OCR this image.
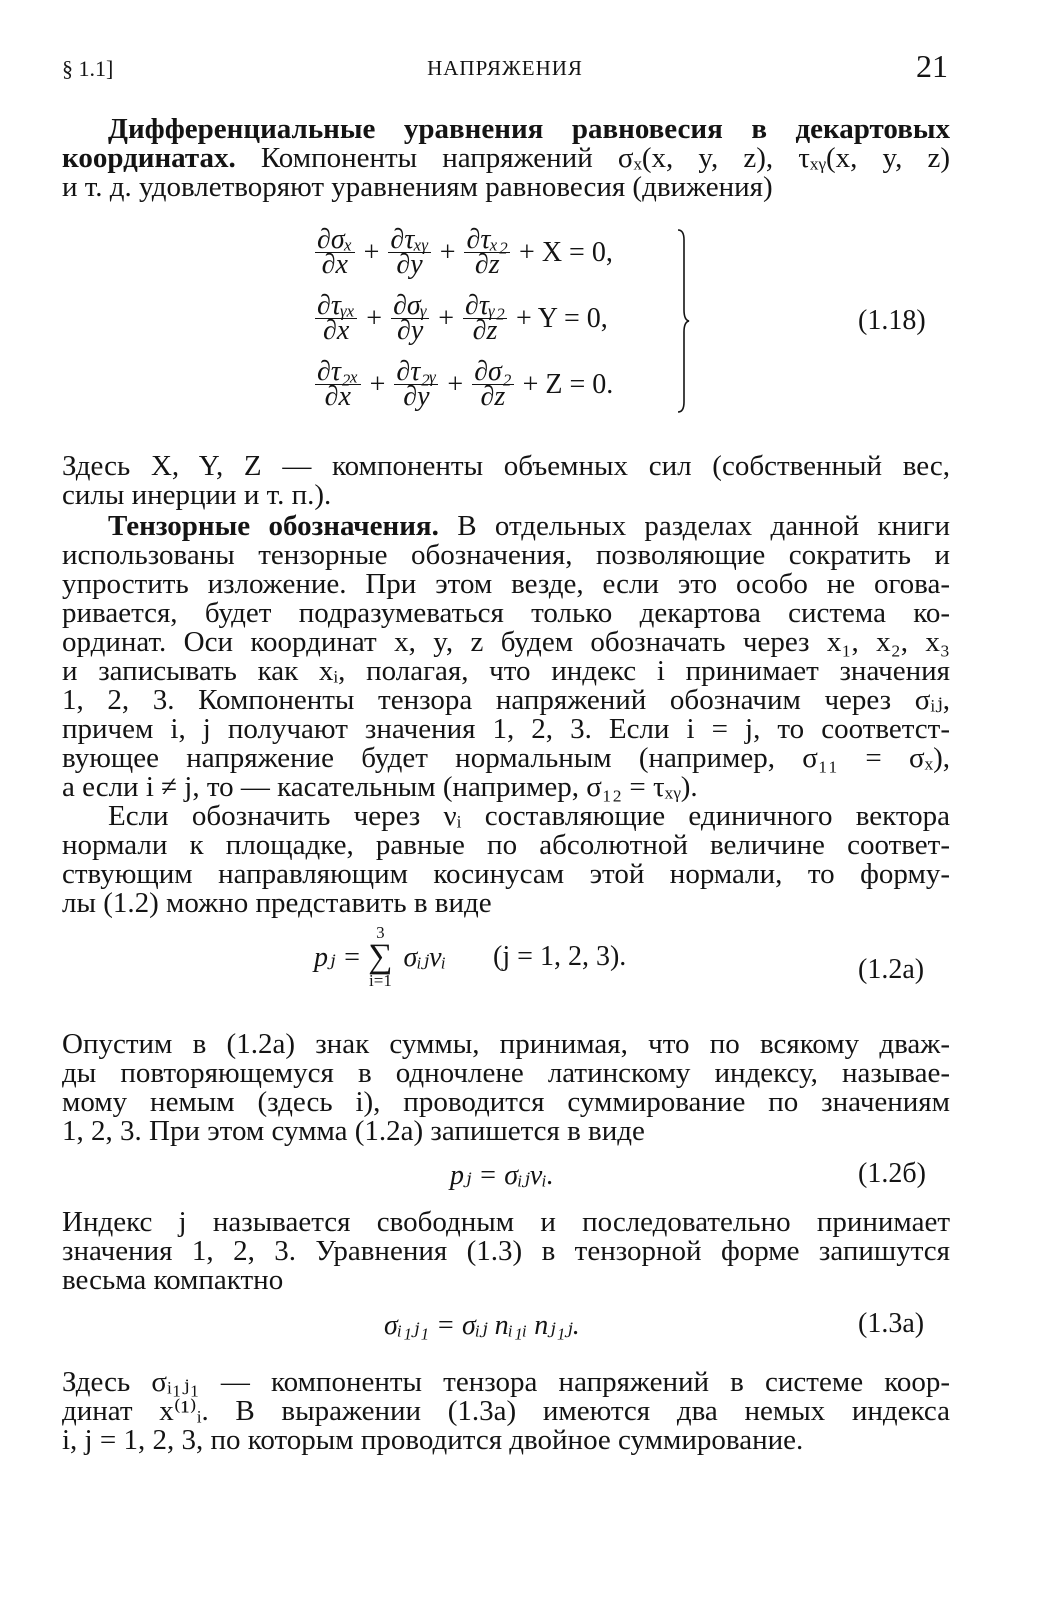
§ 1.1]	НАПРЯЖЕНИЯ	21
Дифференциальные уравнения равновесия в декартовых
координатах. Компоненты напряжений σₓ(x, y, z), τₓᵧ(x, y, z)
и т. д. удовлетворяют уравнениям равновесия (движения)
$\frac{\text{∂σₓ}}{\partial x} + \frac{\text{∂τₓᵧ}}{\partial y} + \frac{\text{∂τₓ₂}}{\partial z} + X = 0$,
$\frac{\text{∂τᵧₓ}}{\partial x} + \frac{\text{∂σᵧ}}{\partial y} + \frac{\text{∂τᵧ₂}}{\partial z} + Y = 0$,
$\frac{\text{∂τ₂ₓ}}{\partial x} + \frac{\text{∂τ₂ᵧ}}{\partial y} + \frac{\text{∂σ₂}}{\partial z} + Z = 0$.
(1.18)
Здесь X, Y, Z — компоненты объемных сил (собственный вес,
силы инерции и т. п.).
Тензорные обозначения. В отдельных разделах данной книги
использованы тензорные обозначения, позволяющие сократить и
упростить изложение. При этом везде, если это особо не огова-
ривается, будет подразумеваться только декартова система ко-
ординат. Оси координат x, y, z будем обозначать через x₁, x₂, x₃
и записывать как xᵢ, полагая, что индекс i принимает значения
1, 2, 3. Компоненты тензора напряжений обозначим через σᵢⱼ,
причем i, j получают значения 1, 2, 3. Если i = j, то соответст-
вующее напряжение будет нормальным (например, σ₁₁ = σₓ),
а если i ≠ j, то — касательным (например, σ₁₂ = τₓᵧ).
Если обозначить через νᵢ составляющие единичного вектора
нормали к площадке, равные по абсолютной величине соответ-
ствующим направляющим косинусам этой нормали, то форму-
лы (1.2) можно представить в виде
pⱼ =
3
∑
i=1
σᵢⱼνᵢ (j = 1, 2, 3).	(1.2а)
Опустим в (1.2а) знак суммы, принимая, что по всякому дваж-
ды повторяющемуся в одночлене латинскому индексу, называе-
мому немым (здесь i), проводится суммирование по значениям
1, 2, 3. При этом сумма (1.2а) запишется в виде
pⱼ = σᵢⱼνᵢ.	(1.2б)
Индекс j называется свободным и последовательно принимает
значения 1, 2, 3. Уравнения (1.3) в тензорной форме запишутся
весьма компактно
σᵢ₁ⱼ₁ = σᵢⱼ nᵢ₁ᵢ nⱼ₁ⱼ.	(1.3а)
Здесь σᵢ₁ⱼ₁ — компоненты тензора напряжений в системе коор-
динат x⁽¹⁾ᵢ. В выражении (1.3а) имеются два немых индекса
i, j = 1, 2, 3, по которым проводится двойное суммирование.
